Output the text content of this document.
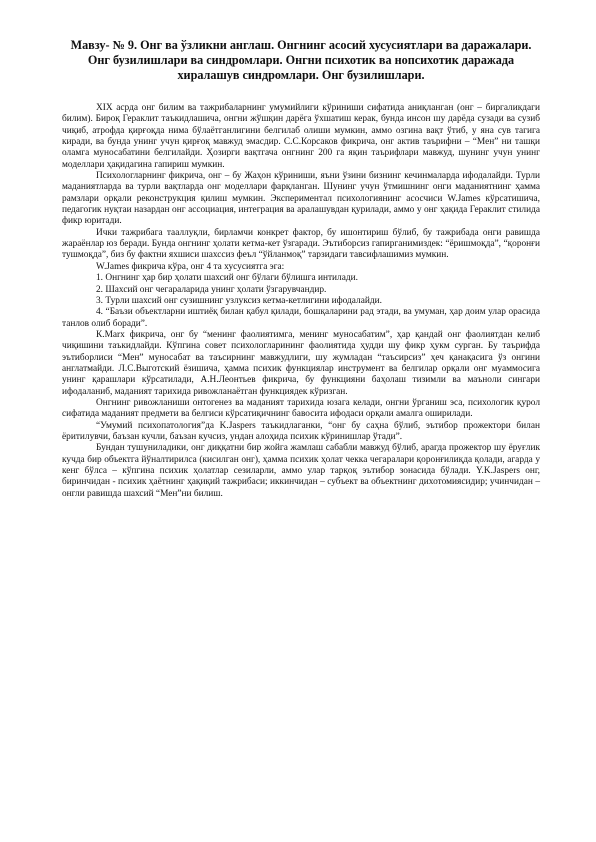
Мавзу- № 9. Онг ва ўзликни англаш. Онгнинг асосий хусусиятлари ва даражалари. Онг бузилишлари ва синдромлари. Онгни психотик ва нопсихотик даражада хиралашув синдромлари. Онг бузилишлари.

XIX асрда онг билим ва тажрибаларнинг умумийлиги кўриниши сифатида аниқланган (онг – биргаликдаги билим). Бироқ Гераклит таъкидлашича, онгни жўшқин дарёга ўхшатиш керак, бунда инсон шу дарёда сузади ва сузиб чиқиб, атрофда қирғоқда нима бўлаётганлигини белгилаб олиши мумкин, аммо озгина вақт ўтиб, у яна сув тагига киради, ва бунда унинг учун қирғоқ мавжуд эмасдир. С.С.Корсаков фикрича, онг актив таърифни – “Мен” ни ташқи оламга муносабатини белгилайди. Ҳозирги вақтгача онгнинг 200 га яқин таърифлари мавжуд, шунинг учун унинг моделлари ҳақидагина гапириш мумкин.

Психологларнинг фикрича, онг – бу Жаҳон кўриниши, яъни ўзини бизнинг кечинмаларда ифодалайди. Турли маданиятларда ва турли вақтларда онг моделлари фарқланган. Шунинг учун ўтмишнинг онги маданиятнинг ҳамма рамзлари орқали реконструкция қилиш мумкин. Экспериментал психологиянинг асосчиси W.James кўрсатишича, педагогик нуқтаи назардан онг ассоциация, интеграция ва аралашувдан қурилади, аммо у онг ҳақида Гераклит стилида фикр юритади.

Ички тажрибага тааллуқли, бирламчи конкрет фактор, бу ишонтириш бўлиб, бу тажрибада онги равишда жараёнлар юз беради. Бунда онгнинг ҳолати кетма-кет ўзгаради. Эътиборсиз гапирганимиздек: “ёришмоқда”, “қоронғи тушмоқда”, биз бу фактни яхшиси шахссиз феъл “ўйланмоқ” тарзидаги тавсифлашимиз мумкин.

W.James фикрича кўра, онг 4 та хусусиятга эга:

1. Онгнинг ҳар бир ҳолати шахсий онг бўлаги бўлишга интилади.
2. Шахсий онг чегараларида унинг ҳолати ўзгарувчандир.
3. Турли шахсий онг сузишнинг узлуксиз кетма-кетлигини ифодалайди.
4. “Баъзи объектларни иштиёқ билан қабул қилади, бошқаларини рад этади, ва умуман, ҳар доим улар орасида танлов олиб боради”.

К.Marx фикрича, онг бу “менинг фаолиятимга, менинг муносабатим”, ҳар қандай онг фаолиятдан келиб чиқишини таъкидлайди. Кўпгина совет психологларининг фаолиятида ҳудди шу фикр ҳукм сурган. Бу таърифда эътиборлиси “Мен” муносабат ва таъсирнинг мавжудлиги, шу жумладан “таъсирсиз” ҳеч қанақасига ўз онгини англатмайди. Л.С.Выготский ёзишича, ҳамма психик функциялар инструмент ва белгилар орқали онг муаммосига унинг қарашлари кўрсатилади, А.Н.Леонтьев фикрича, бу функцияни баҳолаш тизимли ва маънoли сингари ифодаланиб, маданият тарихида ривожланаётган функциядек кўризган.

Онгнинг ривожланиши онтогенез ва маданият тарихида юзага келади, онгни ўрганиш эса, психологик қурол сифатида маданият предмети ва белгиси кўрсатиқичнинг бавосита ифодаси орқали амалга оширилади.

“Умумий психопатология”да K.Jaspers таъкидлаганки, “онг бу саҳна бўлиб, эътибор прожектори билан ёритилувчи, баъзан кучли, баъзан кучсиз, ундан алоҳида психик кўринишлар ўтади”.

Бундан тушуниладики, онг диққатни бир жойга жамлаш сабабли мавжуд бўлиб, арагда прожектор шу ёруғлик кучда бир объектга йўналтирилса (кисилган онг), ҳамма психик ҳолат чекка чегаралари қоронғилиқда қолади, агарда у кенг бўлса – кўпгина психик ҳолатлар сезиларли, аммо улар тарқоқ эътибор зонасида бўлади. Y.K.Jaspers онг, биринчидан - психик ҳаётнинг ҳақиқий тажрибаси; иккинчидан – субъект ва объектнинг дихотомиясидир; учинчидан – онгли равишда шахсий “Мен”ни билиш.
